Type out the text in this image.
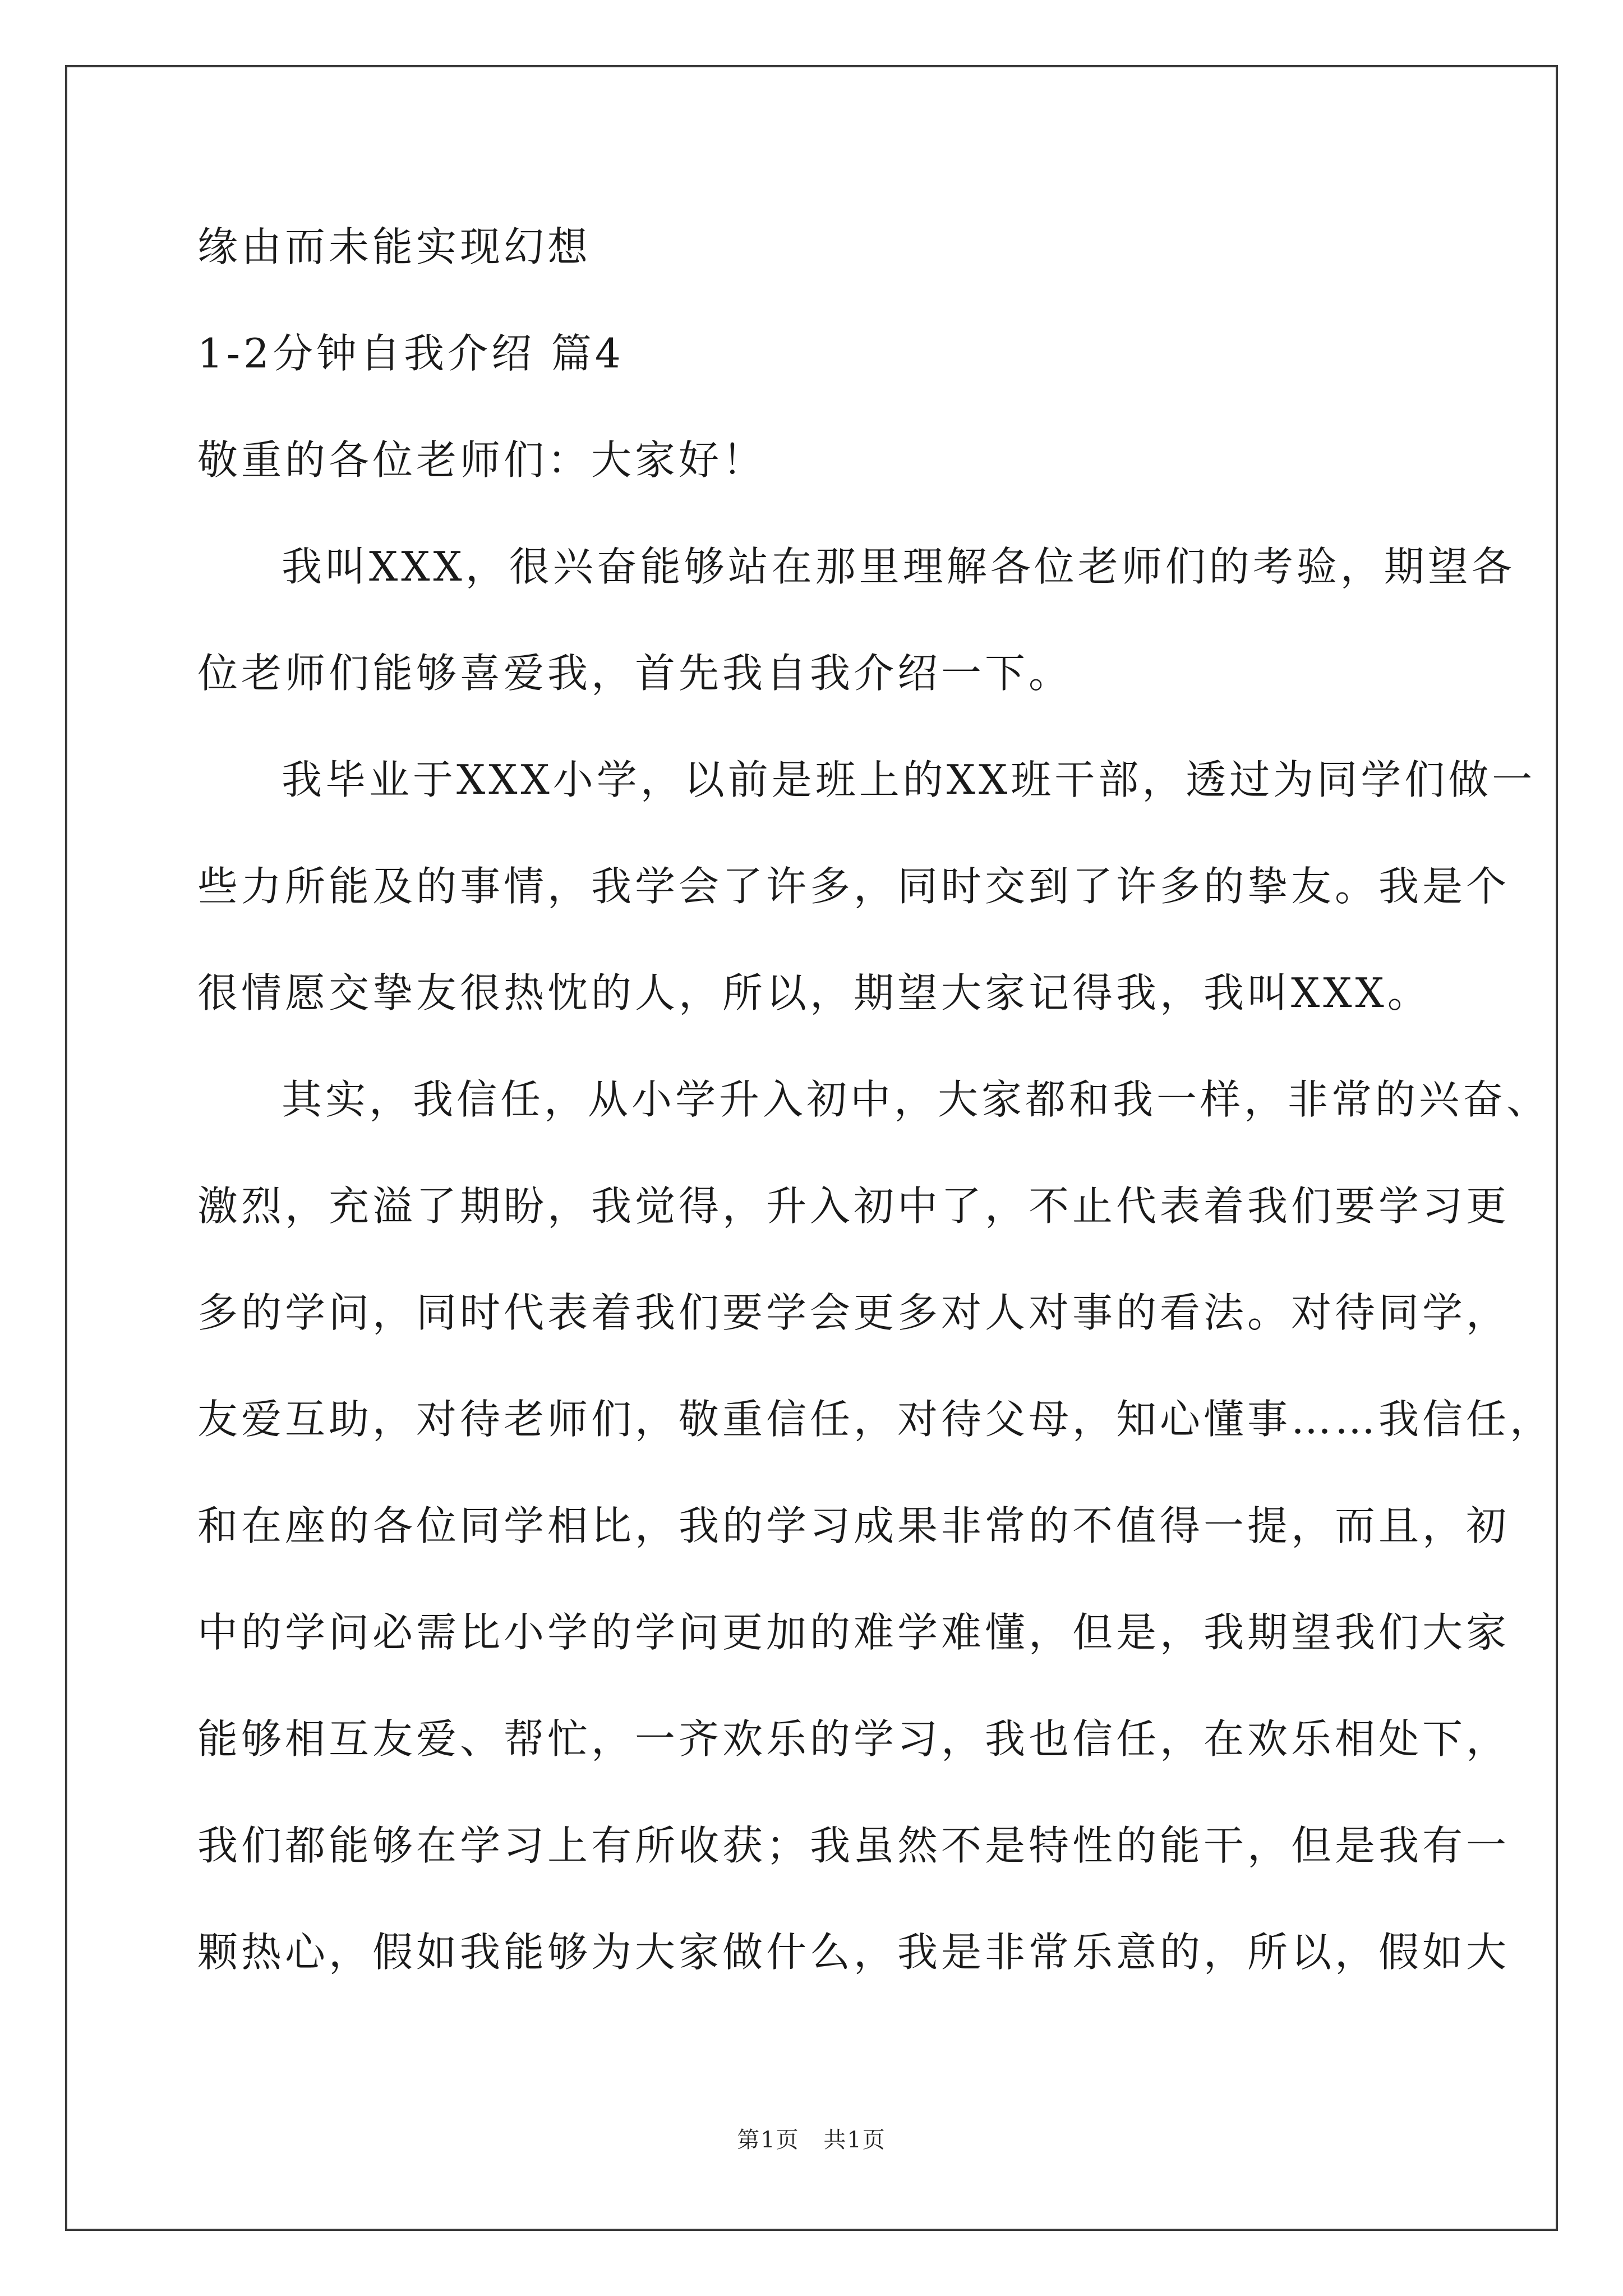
缘由而未能实现幻想
1-2分钟自我介绍 篇4
敬重的各位老师们：大家好！
我叫XXX，很兴奋能够站在那里理解各位老师们的考验，期望各
位老师们能够喜爱我，首先我自我介绍一下。
我毕业于XXX小学，以前是班上的XX班干部，透过为同学们做一
些力所能及的事情，我学会了许多，同时交到了许多的挚友。我是个
很情愿交挚友很热忱的人，所以，期望大家记得我，我叫XXX。
其实，我信任，从小学升入初中，大家都和我一样，非常的兴奋、
激烈，充溢了期盼，我觉得，升入初中了，不止代表着我们要学习更
多的学问，同时代表着我们要学会更多对人对事的看法。对待同学，
友爱互助，对待老师们，敬重信任，对待父母，知心懂事……我信任，
和在座的各位同学相比，我的学习成果非常的不值得一提，而且，初
中的学问必需比小学的学问更加的难学难懂，但是，我期望我们大家
能够相互友爱、帮忙，一齐欢乐的学习，我也信任，在欢乐相处下，
我们都能够在学习上有所收获；我虽然不是特性的能干，但是我有一
颗热心，假如我能够为大家做什么，我是非常乐意的，所以，假如大
第1页 共1页
